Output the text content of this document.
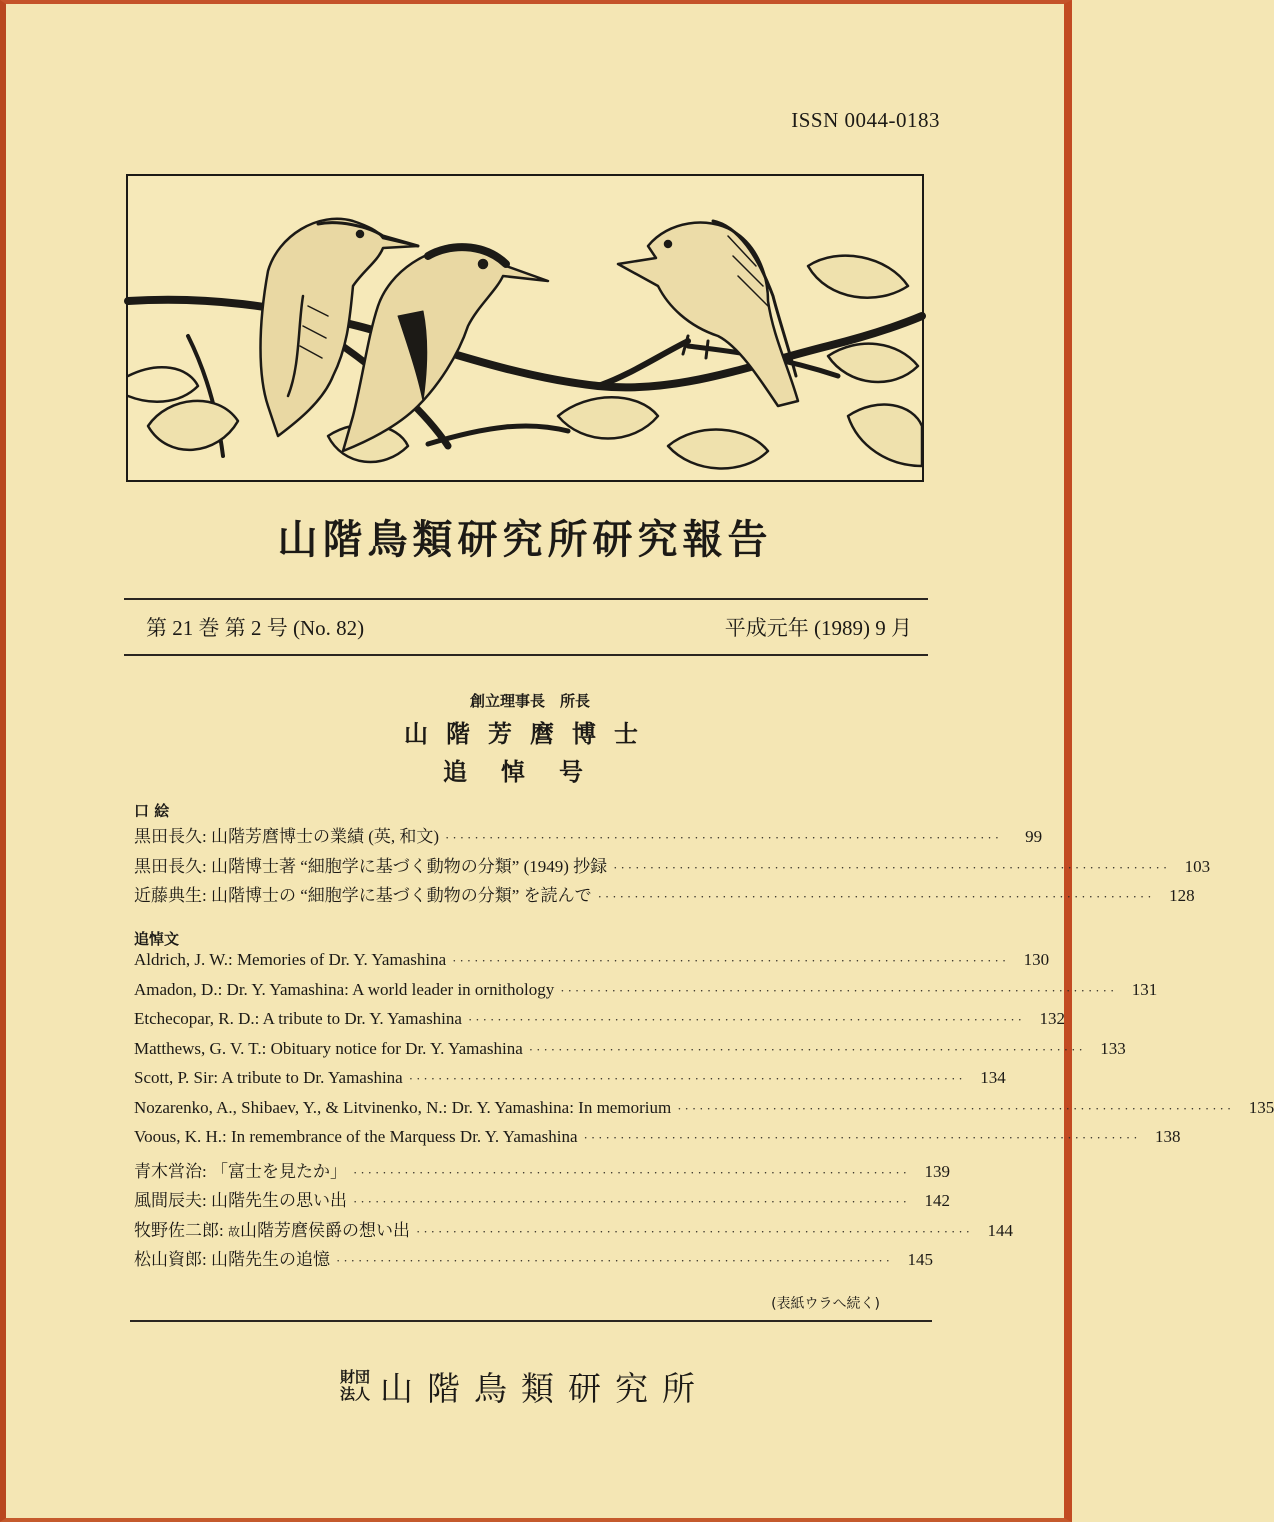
ISSN 0044-0183
山階鳥類研究所研究報告
第 21 巻 第 2 号 (No. 82)	平成元年 (1989) 9 月
創立理事長　所長
山階芳麿博士
追悼号
口 絵
黒田長久: 山階芳麿博士の業績 (英, 和文) ············································································	99
黒田長久: 山階博士著 “細胞学に基づく動物の分類” (1949) 抄録 ············································································ 103
近藤典生: 山階博士の “細胞学に基づく動物の分類” を読んで ············································································ 128
追悼文
Aldrich, J. W.: Memories of Dr. Y. Yamashina ············································································ 130
Amadon, D.: Dr. Y. Yamashina: A world leader in ornithology ············································································ 131
Etchecopar, R. D.: A tribute to Dr. Y. Yamashina ············································································ 132
Matthews, G. V. T.: Obituary notice for Dr. Y. Yamashina ············································································ 133
Scott, P. Sir: A tribute to Dr. Yamashina ············································································ 134
Nozarenko, A., Shibaev, Y., & Litvinenko, N.: Dr. Y. Yamashina: In memorium ············································································ 135
Voous, K. H.: In remembrance of the Marquess Dr. Y. Yamashina ············································································ 138
青木営治: 「富士を見たか」 ············································································ 139
風間辰夫: 山階先生の思い出 ············································································ 142
牧野佐二郎: 故山階芳麿侯爵の想い出 ············································································ 144
松山資郎: 山階先生の追憶 ············································································ 145
(表紙ウラへ続く)
財団
法人 山階鳥類研究所
